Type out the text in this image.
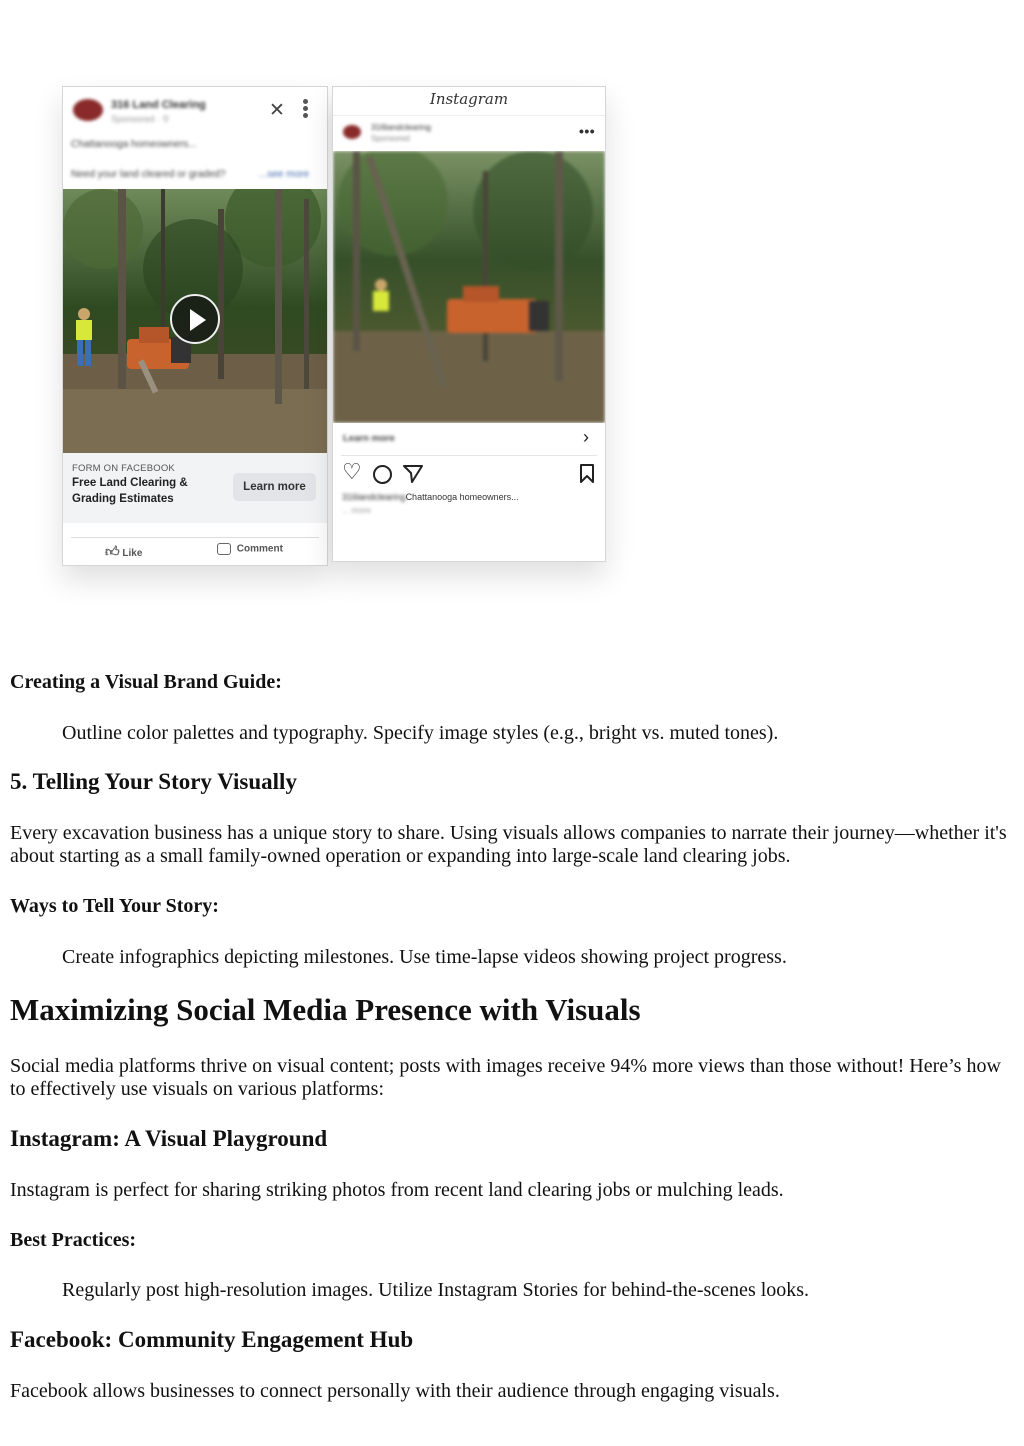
316 Land Clearing
Sponsored · ⚲
Chattanooga homeowners...
Need your land cleared or graded?	...see more
✕
FORM ON FACEBOOK
Free Land Clearing &
Grading Estimates
Learn more
👍︎ Like	Comment
Instagram
316landclearing
Sponsored	•••
Learn more	›
♡
316landclearingChattanooga homeowners...
... more
Creating a Visual Brand Guide:

Outline color palettes and typography. Specify image styles (e.g., bright vs. muted tones).

5. Telling Your Story Visually

Every excavation business has a unique story to share. Using visuals allows companies to narrate their journey—whether it's about starting as a small family-owned operation or expanding into large-scale land clearing jobs.

Ways to Tell Your Story:

Create infographics depicting milestones. Use time-lapse videos showing project progress.

Maximizing Social Media Presence with Visuals

Social media platforms thrive on visual content; posts with images receive 94% more views than those without! Here’s how to effectively use visuals on various platforms:

Instagram: A Visual Playground

Instagram is perfect for sharing striking photos from recent land clearing jobs or mulching leads.

Best Practices:

Regularly post high-resolution images. Utilize Instagram Stories for behind-the-scenes looks.

Facebook: Community Engagement Hub

Facebook allows businesses to connect personally with their audience through engaging visuals.
